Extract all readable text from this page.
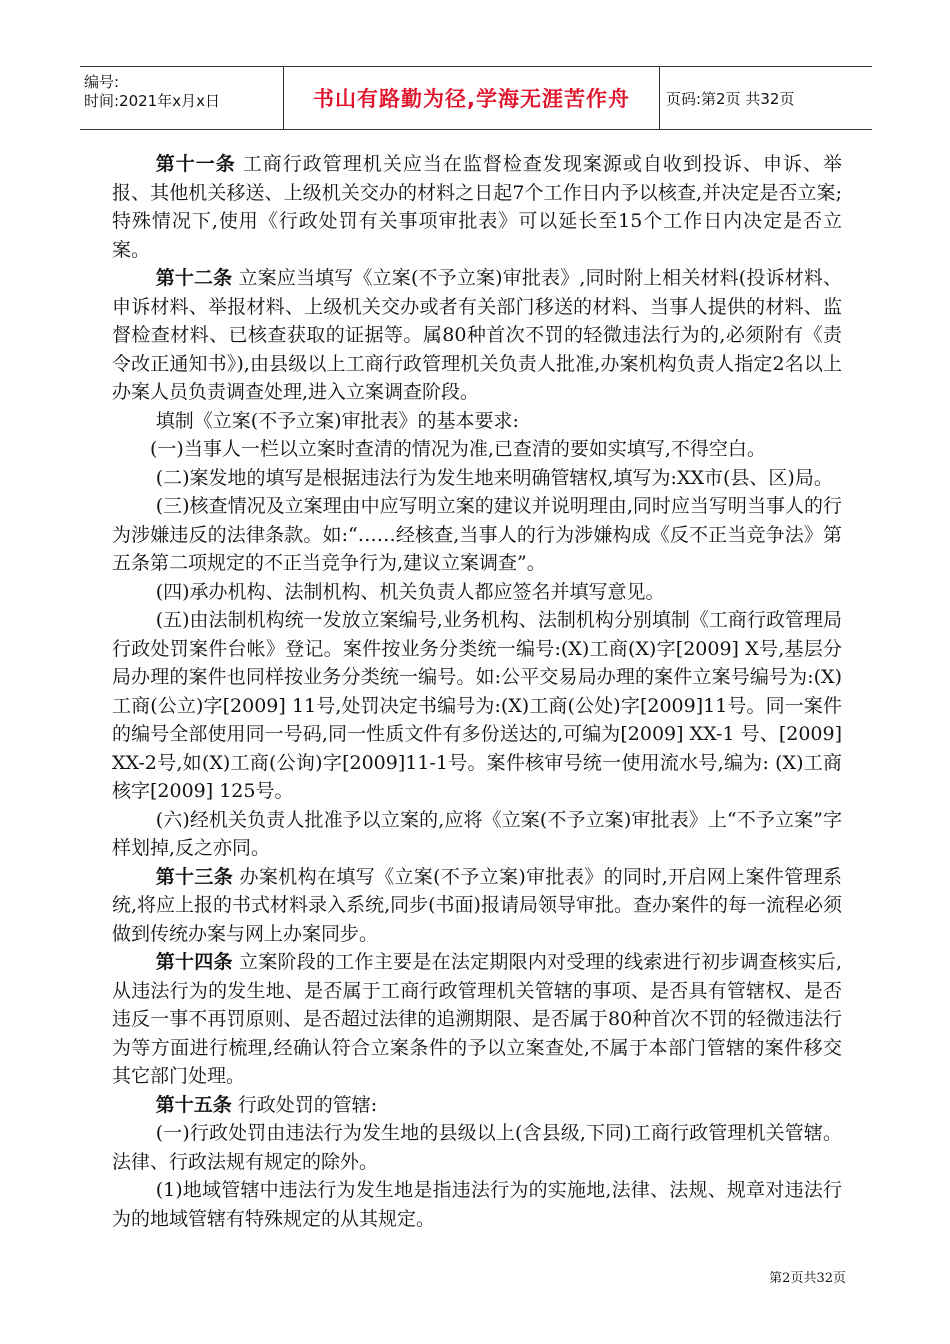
编号:
时间:2021年x月x日	书山有路勤为径,学海无涯苦作舟	页码:第2页 共32页

第十一条 工商行政管理机关应当在监督检查发现案源或自收到投诉、申诉、举报、其他机关移送、上级机关交办的材料之日起7个工作日内予以核查,并决定是否立案;特殊情况下,使用《行政处罚有关事项审批表》可以延长至15个工作日内决定是否立案。

第十二条 立案应当填写《立案(不予立案)审批表》,同时附上相关材料(投诉材料、申诉材料、举报材料、上级机关交办或者有关部门移送的材料、当事人提供的材料、监督检查材料、已核查获取的证据等。属80种首次不罚的轻微违法行为的,必须附有《责令改正通知书》),由县级以上工商行政管理机关负责人批准,办案机构负责人指定2名以上办案人员负责调查处理,进入立案调查阶段。

填制《立案(不予立案)审批表》的基本要求:

(一)当事人一栏以立案时查清的情况为准,已查清的要如实填写,不得空白。

(二)案发地的填写是根据违法行为发生地来明确管辖权,填写为:XX市(县、区)局。

(三)核查情况及立案理由中应写明立案的建议并说明理由,同时应当写明当事人的行为涉嫌违反的法律条款。如:“……经核查,当事人的行为涉嫌构成《反不正当竞争法》第五条第二项规定的不正当竞争行为,建议立案调查”。

(四)承办机构、法制机构、机关负责人都应签名并填写意见。

(五)由法制机构统一发放立案编号,业务机构、法制机构分别填制《工商行政管理局行政处罚案件台帐》登记。案件按业务分类统一编号:(X)工商(X)字[2009] X号,基层分局办理的案件也同样按业务分类统一编号。如:公平交易局办理的案件立案号编号为:(X)工商(公立)字[2009] 11号,处罚决定书编号为:(X)工商(公处)字[2009]11号。同一案件的编号全部使用同一号码,同一性质文件有多份送达的,可编为[2009] XX-1 号、[2009] XX-2号,如(X)工商(公询)字[2009]11-1号。案件核审号统一使用流水号,编为: (X)工商核字[2009] 125号。

(六)经机关负责人批准予以立案的,应将《立案(不予立案)审批表》上“不予立案”字样划掉,反之亦同。

第十三条 办案机构在填写《立案(不予立案)审批表》的同时,开启网上案件管理系统,将应上报的书式材料录入系统,同步(书面)报请局领导审批。查办案件的每一流程必须做到传统办案与网上办案同步。

第十四条 立案阶段的工作主要是在法定期限内对受理的线索进行初步调查核实后,从违法行为的发生地、是否属于工商行政管理机关管辖的事项、是否具有管辖权、是否违反一事不再罚原则、是否超过法律的追溯期限、是否属于80种首次不罚的轻微违法行为等方面进行梳理,经确认符合立案条件的予以立案查处,不属于本部门管辖的案件移交其它部门处理。

第十五条 行政处罚的管辖:

(一)行政处罚由违法行为发生地的县级以上(含县级,下同)工商行政管理机关管辖。法律、行政法规有规定的除外。

(1)地域管辖中违法行为发生地是指违法行为的实施地,法律、法规、规章对违法行为的地域管辖有特殊规定的从其规定。

第2页共32页
